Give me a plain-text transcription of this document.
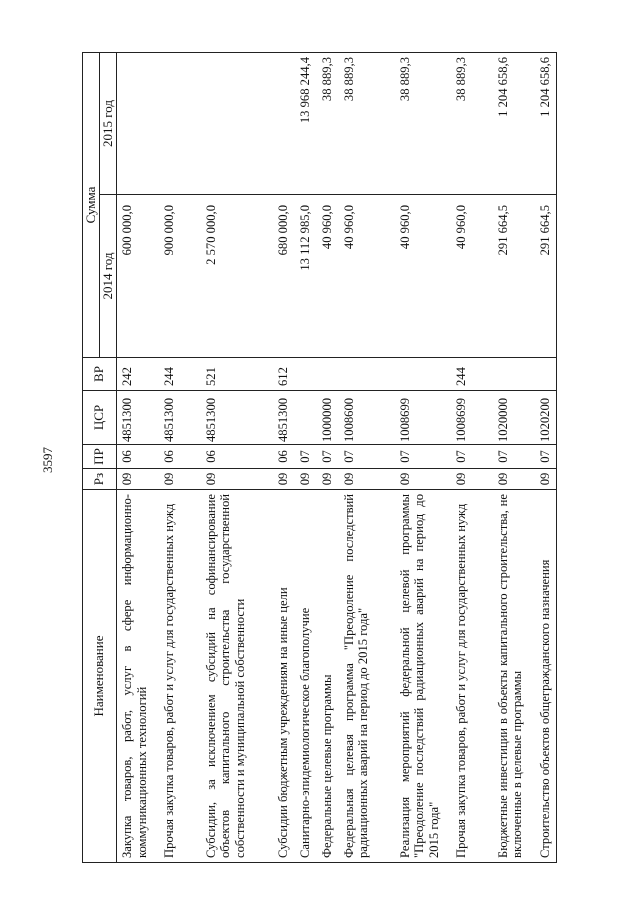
3597
Наименование	Рз	ПР	ЦСР	ВР	Сумма	
					2014 год	2015 год
Закупка товаров, работ, услуг в сфере информационно-коммуникационных технологий	09	06	4851300	242	600 000,0	
Прочая закупка товаров, работ и услуг для государственных нужд	09	06	4851300	244	900 000,0	
Субсидии, за исключением субсидий на софинансирование объектов капитального строительства государственной собственности и муниципальной собственности	09	06	4851300	521	2 570 000,0	
Субсидии бюджетным учреждениям на иные цели	09	06	4851300	612	680 000,0	
Санитарно-эпидемиологическое благополучие	09	07			13 112 985,0	13 968 244,4
Федеральные целевые программы	09	07	1000000		40 960,0	38 889,3
Федеральная целевая программа "Преодоление последствий радиационных аварий на период до 2015 года"	09	07	1008600		40 960,0	38 889,3
Реализация мероприятий федеральной целевой программы "Преодоление последствий радиационных аварий на период до 2015 года"	09	07	1008699		40 960,0	38 889,3
Прочая закупка товаров, работ и услуг для государственных нужд	09	07	1008699	244	40 960,0	38 889,3
Бюджетные инвестиции в объекты капитального строительства, не включенные в целевые программы	09	07	1020000		291 664,5	1 204 658,6
Строительство объектов общегражданского назначения	09	07	1020200		291 664,5	1 204 658,6
